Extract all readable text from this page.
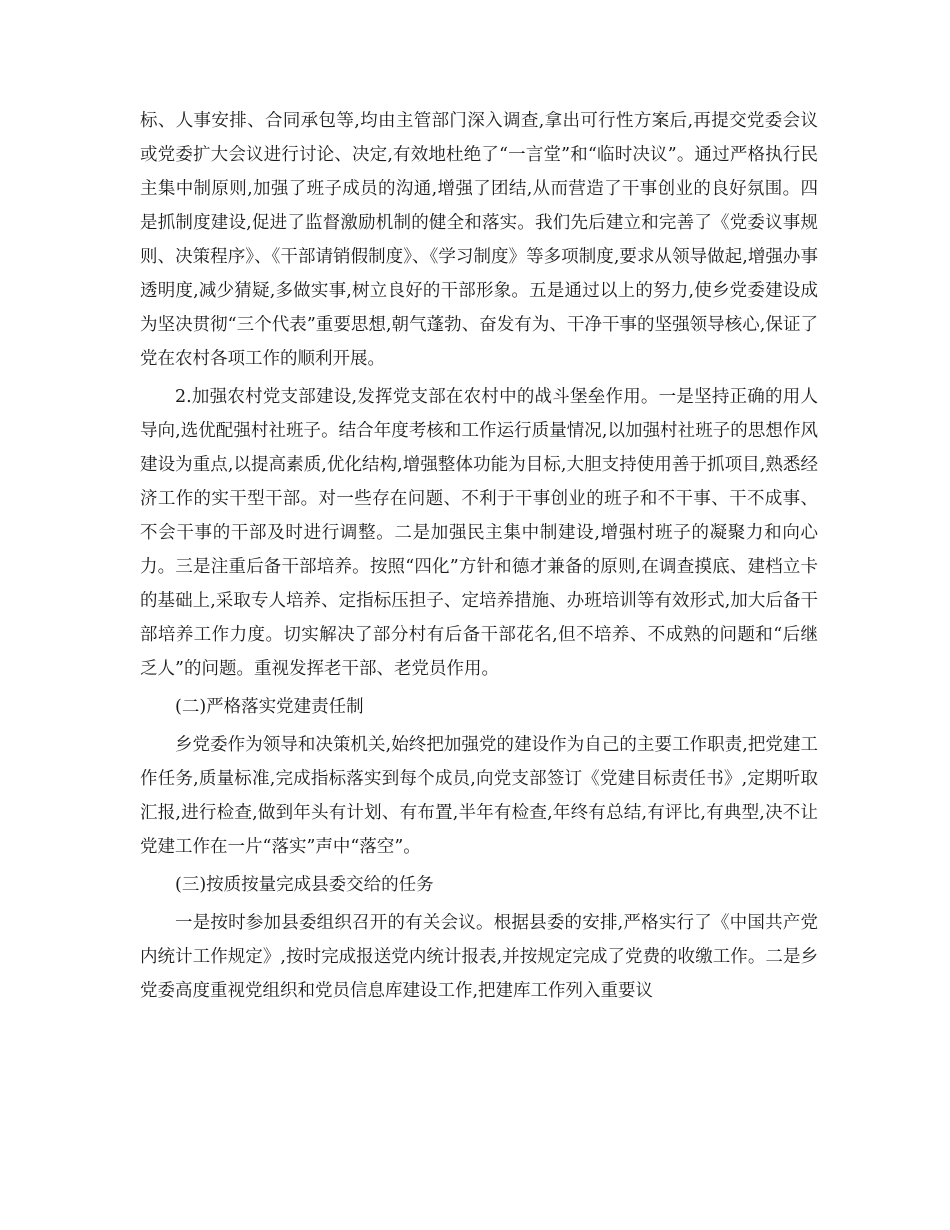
标、人事安排、合同承包等,均由主管部门深入调查,拿出可行性方案后,再提交党委会议或党委扩大会议进行讨论、决定,有效地杜绝了“一言堂”和“临时决议”。通过严格执行民主集中制原则,加强了班子成员的沟通,增强了团结,从而营造了干事创业的良好氛围。四是抓制度建设,促进了监督激励机制的健全和落实。我们先后建立和完善了《党委议事规则、决策程序》、《干部请销假制度》、《学习制度》等多项制度,要求从领导做起,增强办事透明度,减少猜疑,多做实事,树立良好的干部形象。五是通过以上的努力,使乡党委建设成为坚决贯彻“三个代表”重要思想,朝气蓬勃、奋发有为、干净干事的坚强领导核心,保证了党在农村各项工作的顺利开展。

2.加强农村党支部建设,发挥党支部在农村中的战斗堡垒作用。一是坚持正确的用人导向,选优配强村社班子。结合年度考核和工作运行质量情况,以加强村社班子的思想作风建设为重点,以提高素质,优化结构,增强整体功能为目标,大胆支持使用善于抓项目,熟悉经济工作的实干型干部。对一些存在问题、不利于干事创业的班子和不干事、干不成事、不会干事的干部及时进行调整。二是加强民主集中制建设,增强村班子的凝聚力和向心力。三是注重后备干部培养。按照“四化”方针和德才兼备的原则,在调查摸底、建档立卡的基础上,采取专人培养、定指标压担子、定培养措施、办班培训等有效形式,加大后备干部培养工作力度。切实解决了部分村有后备干部花名,但不培养、不成熟的问题和“后继乏人”的问题。重视发挥老干部、老党员作用。

(二)严格落实党建责任制

乡党委作为领导和决策机关,始终把加强党的建设作为自己的主要工作职责,把党建工作任务,质量标准,完成指标落实到每个成员,向党支部签订《党建目标责任书》,定期听取汇报,进行检查,做到年头有计划、有布置,半年有检查,年终有总结,有评比,有典型,决不让党建工作在一片“落实”声中“落空”。

(三)按质按量完成县委交给的任务

一是按时参加县委组织召开的有关会议。根据县委的安排,严格实行了《中国共产党内统计工作规定》,按时完成报送党内统计报表,并按规定完成了党费的收缴工作。二是乡党委高度重视党组织和党员信息库建设工作,把建库工作列入重要议
